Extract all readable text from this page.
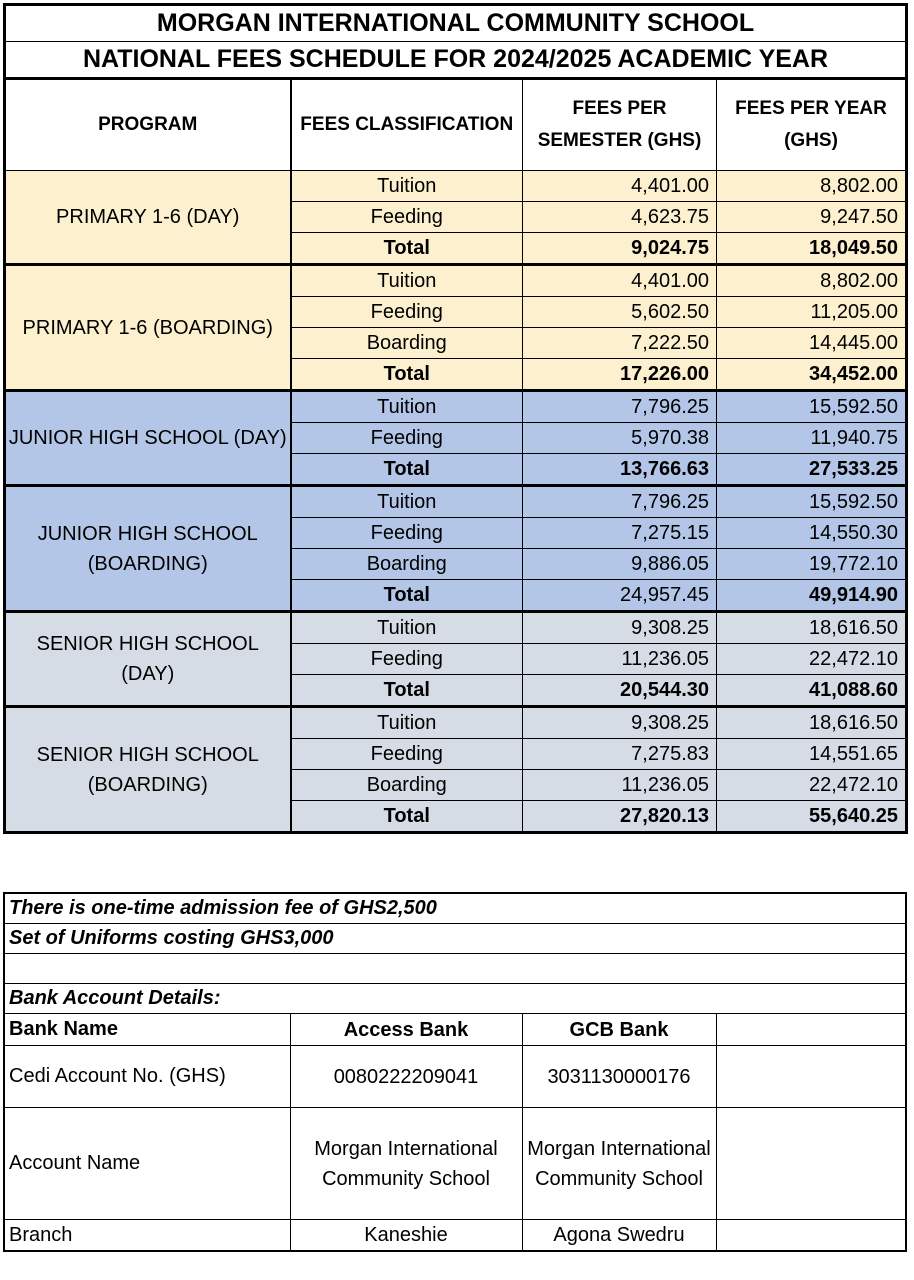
MORGAN INTERNATIONAL COMMUNITY SCHOOL			
NATIONAL FEES SCHEDULE FOR 2024/2025 ACADEMIC YEAR			
PROGRAM	FEES CLASSIFICATION	FEES PER SEMESTER (GHS)	FEES PER YEAR (GHS)
PRIMARY 1-6 (DAY)	Tuition	4,401.00	8,802.00
	Feeding	4,623.75	9,247.50
	Total	9,024.75	18,049.50
PRIMARY 1-6 (BOARDING)	Tuition	4,401.00	8,802.00
	Feeding	5,602.50	11,205.00
	Boarding	7,222.50	14,445.00
	Total	17,226.00	34,452.00
JUNIOR HIGH SCHOOL (DAY)	Tuition	7,796.25	15,592.50
	Feeding	5,970.38	11,940.75
	Total	13,766.63	27,533.25
JUNIOR HIGH SCHOOL (BOARDING)	Tuition	7,796.25	15,592.50
	Feeding	7,275.15	14,550.30
	Boarding	9,886.05	19,772.10
	Total	24,957.45	49,914.90
SENIOR HIGH SCHOOL (DAY)	Tuition	9,308.25	18,616.50
	Feeding	11,236.05	22,472.10
	Total	20,544.30	41,088.60
SENIOR HIGH SCHOOL (BOARDING)	Tuition	9,308.25	18,616.50
	Feeding	7,275.83	14,551.65
	Boarding	11,236.05	22,472.10
	Total	27,820.13	55,640.25
There is one-time admission fee of GHS2,500			
Set of Uniforms costing GHS3,000			

Bank Account Details:			
Bank Name	Access Bank	GCB Bank	
Cedi Account No. (GHS)	0080222209041	3031130000176	
Account Name	Morgan International Community School	Morgan International Community School	
Branch	Kaneshie	Agona Swedru	
